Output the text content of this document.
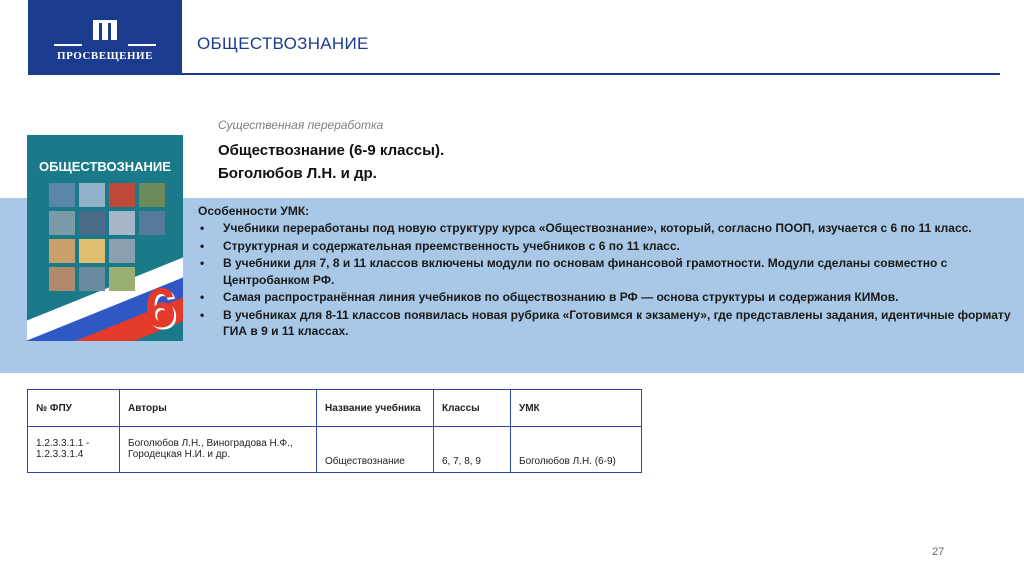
ПРОСВЕЩЕНИЕ
ОБЩЕСТВОЗНАНИЕ
ОБЩЕСТВОЗНАНИЕ
6
Существенная переработка
Обществознание (6-9 классы).
Боголюбов Л.Н. и др.
Особенности УМК:
• Учебники переработаны под новую структуру курса «Обществознание», который, согласно ПООП, изучается с 6 по 11 класс.
• Структурная и содержательная преемственность учебников с 6 по 11 класс.
• В учебники для 7, 8 и 11 классов включены модули по основам финансовой грамотности. Модули сделаны совместно с Центробанком РФ.
• Самая распространённая линия учебников по обществознанию в РФ — основа структуры и содержания КИМов.
• В учебниках для 8-11 классов появилась новая рубрика «Готовимся к экзамену», где представлены задания, идентичные формату ГИА в 9 и 11 классах.
№ ФПУ	Авторы	Название учебника	Классы	УМК
1.2.3.3.1.1 - 1.2.3.3.1.4	Боголюбов Л.Н., Виноградова Н.Ф., Городецкая Н.И. и др.	Обществознание	6, 7, 8, 9	Боголюбов Л.Н. (6-9)
27
